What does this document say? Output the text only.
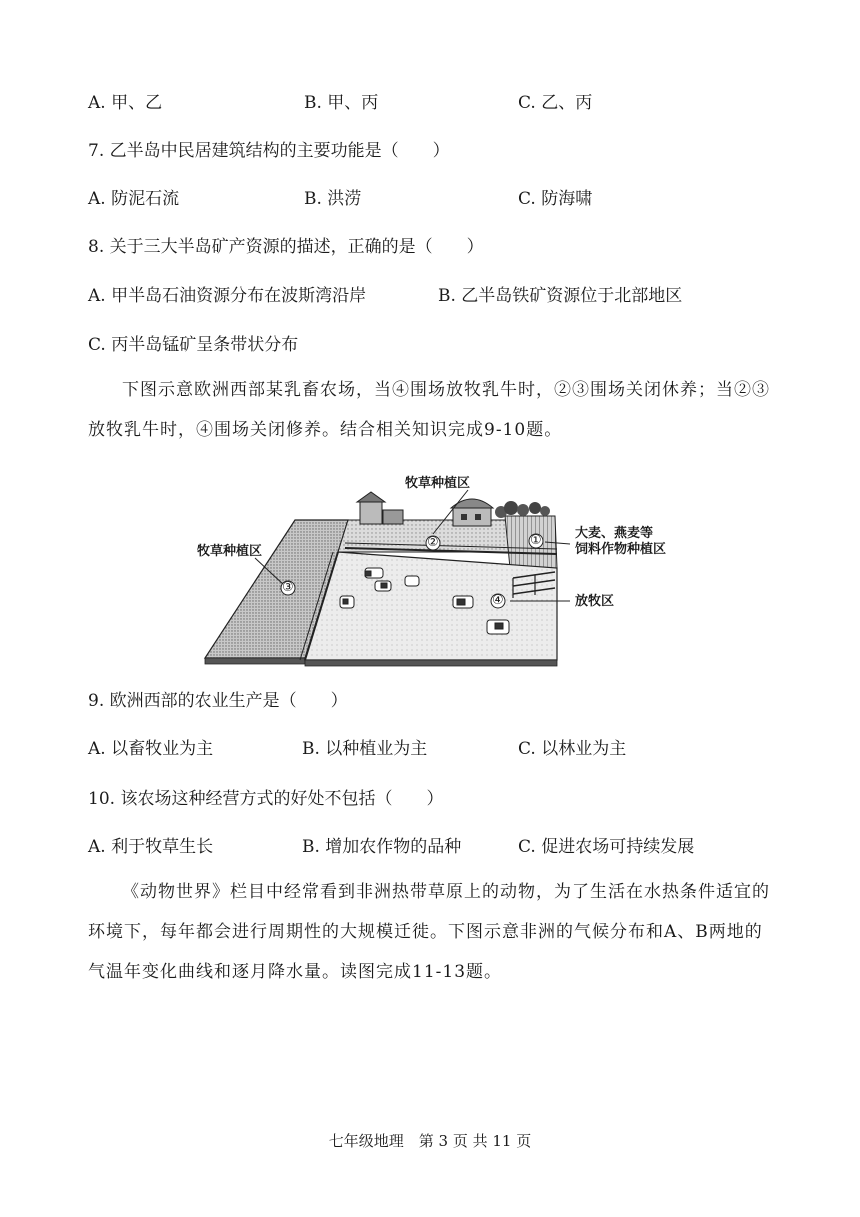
A. 甲、乙	B. 甲、丙	C. 乙、丙
7. 乙半岛中民居建筑结构的主要功能是（　　）
A. 防泥石流	B. 洪涝	C. 防海啸
8. 关于三大半岛矿产资源的描述，正确的是（　　）
A. 甲半岛石油资源分布在波斯湾沿岸	B. 乙半岛铁矿资源位于北部地区
C. 丙半岛锰矿呈条带状分布
下图示意欧洲西部某乳畜农场，当④围场放牧乳牛时，②③围场关闭休养；当②③放牧乳牛时，④围场关闭修养。结合相关知识完成9-10题。
牧草种植区
牧草种植区
大麦、燕麦等
饲料作物种植区
放牧区
②	①
③
④
9. 欧洲西部的农业生产是（　　）
A. 以畜牧业为主	B. 以种植业为主	C. 以林业为主
10. 该农场这种经营方式的好处不包括（　　）
A. 利于牧草生长	B. 增加农作物的品种	C. 促进农场可持续发展
《动物世界》栏目中经常看到非洲热带草原上的动物，为了生活在水热条件适宜的环境下，每年都会进行周期性的大规模迁徙。下图示意非洲的气候分布和A、B两地的气温年变化曲线和逐月降水量。读图完成11-13题。
七年级地理　第 3 页 共 11 页
